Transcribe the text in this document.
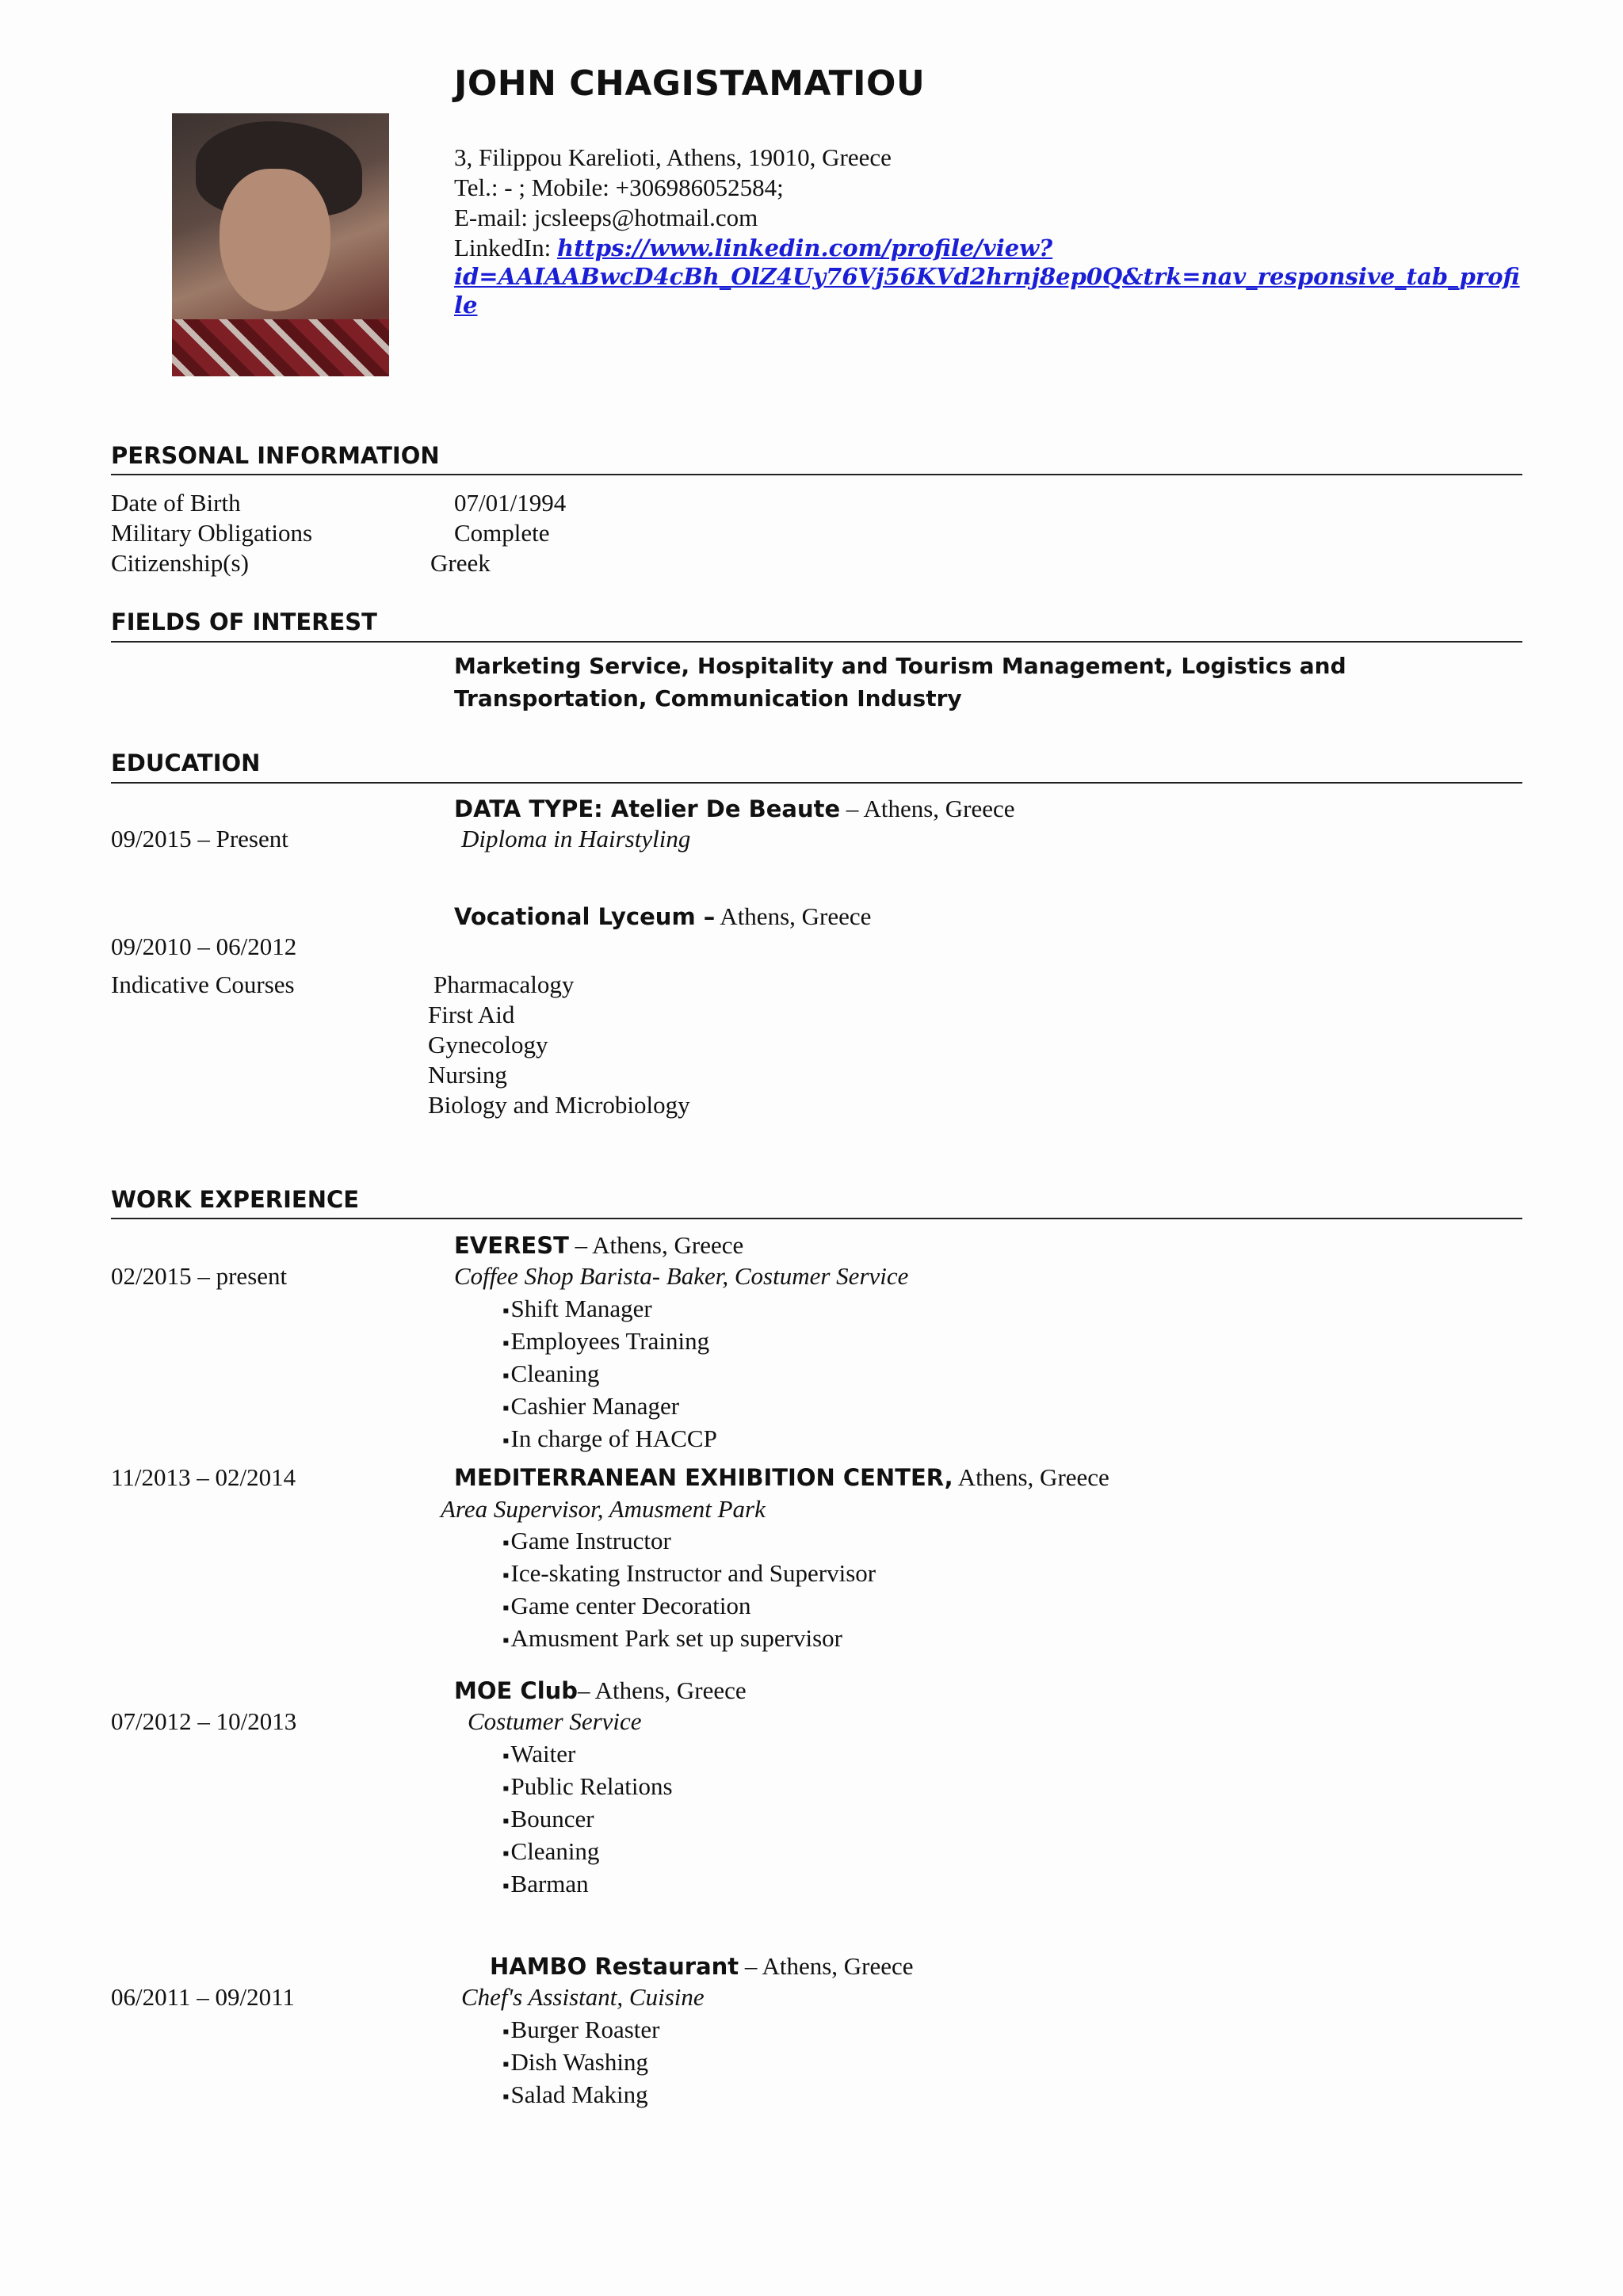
JOHN CHAGISTAMATIOU
3, Filippou Karelioti, Athens, 19010, Greece
Tel.: - ; Mobile: +306986052584;
E-mail: jcsleeps@hotmail.com
LinkedIn: https://www.linkedin.com/profile/view?
id=AAIAABwcD4cBh_OlZ4Uy76Vj56KVd2hrnj8ep0Q&trk=nav_responsive_tab_profi
le
PERSONAL INFORMATION
Date of Birth	07/01/1994
Military Obligations	Complete
Citizenship(s)	Greek
FIELDS OF INTEREST
Marketing Service, Hospitality and Tourism Management, Logistics and Transportation, Communication Industry
EDUCATION
DATA TYPE: Atelier De Beaute – Athens, Greece
09/2015 – Present	Diploma in Hairstyling
Vocational Lyceum – Athens, Greece
09/2010 – 06/2012
Indicative Courses	Pharmacalogy
First Aid
Gynecology
Nursing
Biology and Microbiology
WORK EXPERIENCE
EVEREST – Athens, Greece
02/2015 – present	Coffee Shop Barista- Baker, Costumer Service
▪ Shift Manager
▪ Employees Training
▪ Cleaning
▪ Cashier Manager
▪ In charge of HACCP
11/2013 – 02/2014	MEDITERRANEAN EXHIBITION CENTER, Athens, Greece
Area Supervisor, Amusment Park
▪ Game Instructor
▪ Ice-skating Instructor and Supervisor
▪ Game center Decoration
▪ Amusment Park set up supervisor
MOE Club– Athens, Greece
07/2012 – 10/2013	Costumer Service
▪ Waiter
▪ Public Relations
▪ Bouncer
▪ Cleaning
▪ Barman
HAMBO Restaurant – Athens, Greece
06/2011 – 09/2011	Chef's Assistant, Cuisine
▪ Burger Roaster
▪ Dish Washing
▪ Salad Making
